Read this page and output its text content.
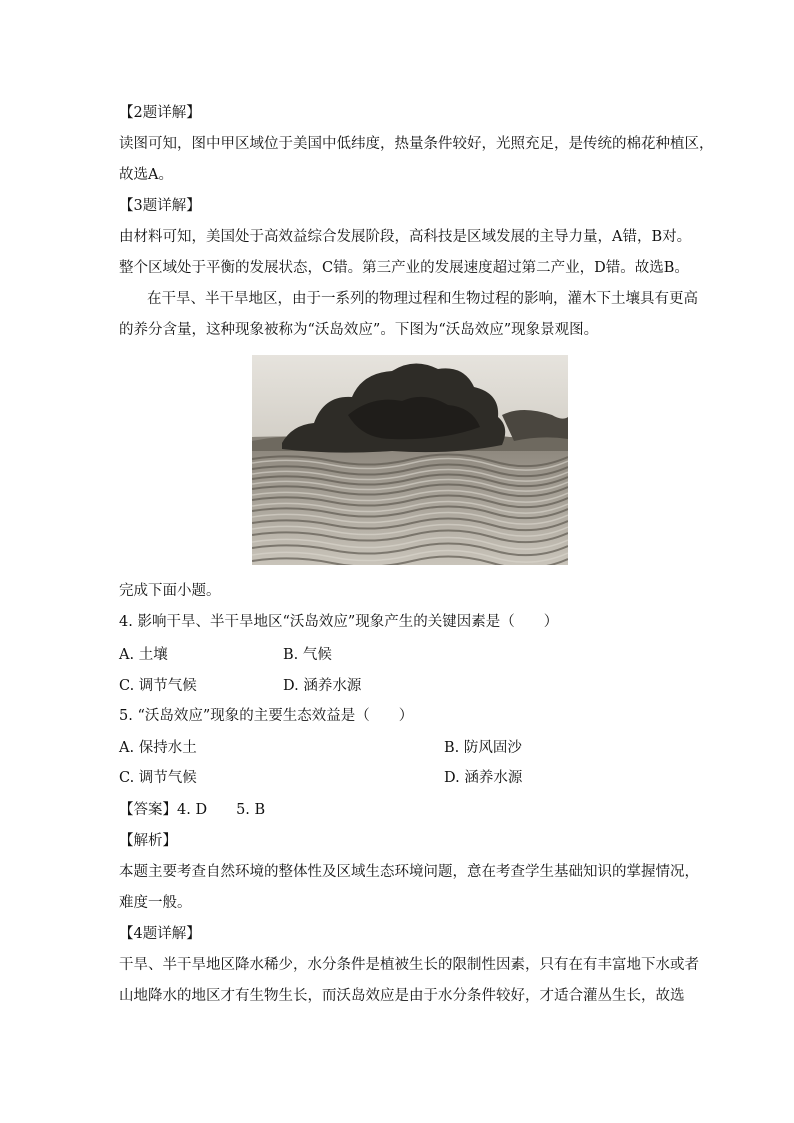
【2题详解】
读图可知，图中甲区域位于美国中低纬度，热量条件较好，光照充足，是传统的棉花种植区，
故选A。
【3题详解】
由材料可知，美国处于高效益综合发展阶段，高科技是区域发展的主导力量，A错，B对。
整个区域处于平衡的发展状态，C错。第三产业的发展速度超过第二产业，D错。故选B。
在干旱、半干旱地区，由于一系列的物理过程和生物过程的影响，灌木下土壤具有更高
的养分含量，这种现象被称为“沃岛效应”。下图为“沃岛效应”现象景观图。
完成下面小题。
4. 影响干旱、半干旱地区“沃岛效应”现象产生的关键因素是（　　）
A. 土壤	B. 气候
C. 调节气候	D. 涵养水源
5. “沃岛效应”现象的主要生态效益是（　　）
A. 保持水土	B. 防风固沙
C. 调节气候	D. 涵养水源
【答案】4. D　　5. B
【解析】
本题主要考查自然环境的整体性及区域生态环境问题，意在考查学生基础知识的掌握情况，
难度一般。
【4题详解】
干旱、半干旱地区降水稀少，水分条件是植被生长的限制性因素，只有在有丰富地下水或者
山地降水的地区才有生物生长，而沃岛效应是由于水分条件较好，才适合灌丛生长，故选
